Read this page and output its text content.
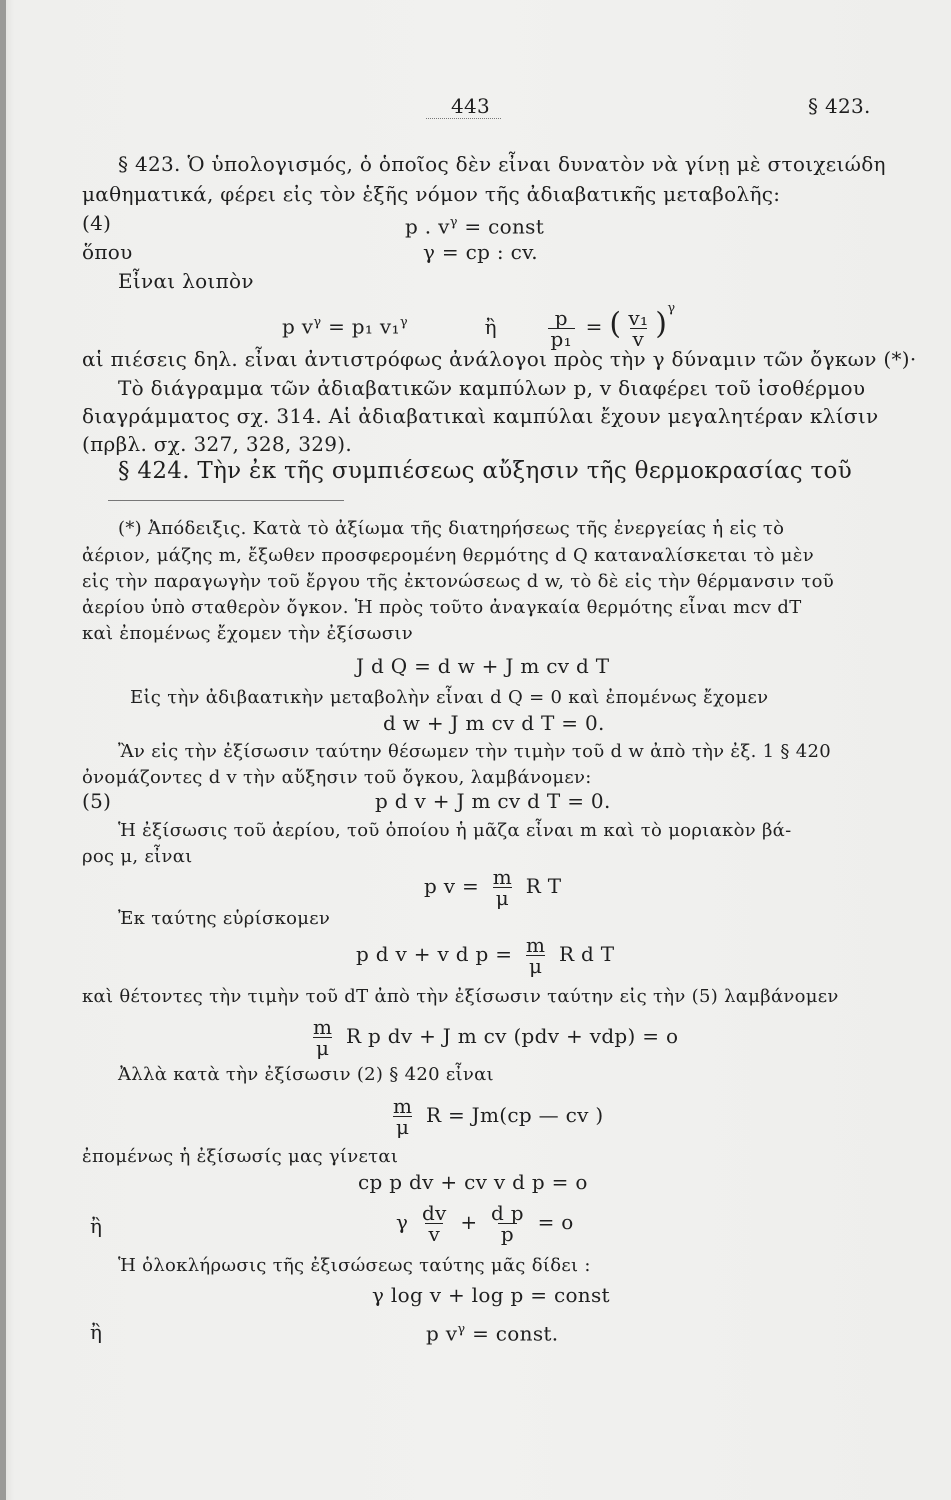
443	§ 423.
§ 423. Ὁ ὑπολογισμός, ὁ ὁποῖος δὲν εἶναι δυνατὸν νὰ γίνῃ μὲ στοιχειώδη
μαθηματικά, φέρει εἰς τὸν ἑξῆς νόμον τῆς ἀδιαβατικῆς μεταβολῆς:
(4)	p . $v^\gamma$ = const
ὅπου	γ = cp : cv.
Εἶναι λοιπὸν
p $v^\gamma = p_1$ v₁$^\gamma$	ἢ	$\frac{p}{\text{p₁}}$ = ( $\frac{\text{v₁}}{v} )^\gamma$
αἱ πιέσεις δηλ. εἶναι ἀντιστρόφως ἀνάλογοι πρὸς τὴν γ δύναμιν τῶν ὄγκων (*)·
Τὸ διάγραμμα τῶν ἀδιαβατικῶν καμπύλων p, v διαφέρει τοῦ ἰσοθέρμου
διαγράμματος σχ. 314. Αἱ ἀδιαβατικαὶ καμπύλαι ἔχουν μεγαλητέραν κλίσιν
(πρβλ. σχ. 327, 328, 329).
§ 424. Τὴν ἐκ τῆς συμπιέσεως αὔξησιν τῆς θερμοκρασίας τοῦ
(*) Ἀπόδειξις. Κατὰ τὸ ἀξίωμα τῆς διατηρήσεως τῆς ἐνεργείας ἡ εἰς τὸ
ἀέριον, μάζης m, ἔξωθεν προσφερομένη θερμότης d Q καταναλίσκεται τὸ μὲν
εἰς τὴν παραγωγὴν τοῦ ἔργου τῆς ἐκτονώσεως d w, τὸ δὲ εἰς τὴν θέρμανσιν τοῦ
ἀερίου ὑπὸ σταθερὸν ὄγκον. Ἡ πρὸς τοῦτο ἀναγκαία θερμότης εἶναι mcv dT
καὶ ἐπομένως ἔχομεν τὴν ἐξίσωσιν
J d Q = d w + J m cv d T
Εἰς τὴν ἀδιβααтικὴν μεταβολὴν εἶναι d Q = 0 καὶ ἐπομένως ἔχομεν
d w + J m cv d T = 0.
Ἂν εἰς τὴν ἐξίσωσιν ταύτην θέσωμεν τὴν τιμὴν τοῦ d w ἀπὸ τὴν ἐξ. 1 § 420
ὀνομάζοντες d v τὴν αὔξησιν τοῦ ὄγκου, λαμβάνομεν:
(5)	p d v + J m cv d T = 0.
Ἡ ἐξίσωσις τοῦ ἀερίου, τοῦ ὁποίου ἡ μᾶζα εἶναι m καὶ τὸ μοριακὸν βά-
ρος μ, εἶναι
p $v = \frac{m}{\mu}$ R T
Ἐκ ταύτης εὑρίσκομεν
p d v + v d $p = \frac{m}{\mu}$ R d T
καὶ θέτοντες τὴν τιμὴν τοῦ dT ἀπὸ τὴν ἐξίσωσιν ταύτην εἰς τὴν (5) λαμβάνομεν
$\frac{m}{\mu}$ R p dv + J m cv (pdv + vdp) = o
Ἀλλὰ κατὰ τὴν ἐξίσωσιν (2) § 420 εἶναι
$\frac{m}{\mu}$ R = Jm(cp — cv )
ἐπομένως ἡ ἐξίσωσίς μας γίνεται
cp p dv + cv v d p = o
ἢ	γ $\frac{dv}{v} + \frac{\text{d p}}{p} = o$
Ἡ ὁλοκλήρωσις τῆς ἐξισώσεως ταύτης μᾶς δίδει :
γ log v + log p = const
ἢ	p $v^\gamma$ = const.
